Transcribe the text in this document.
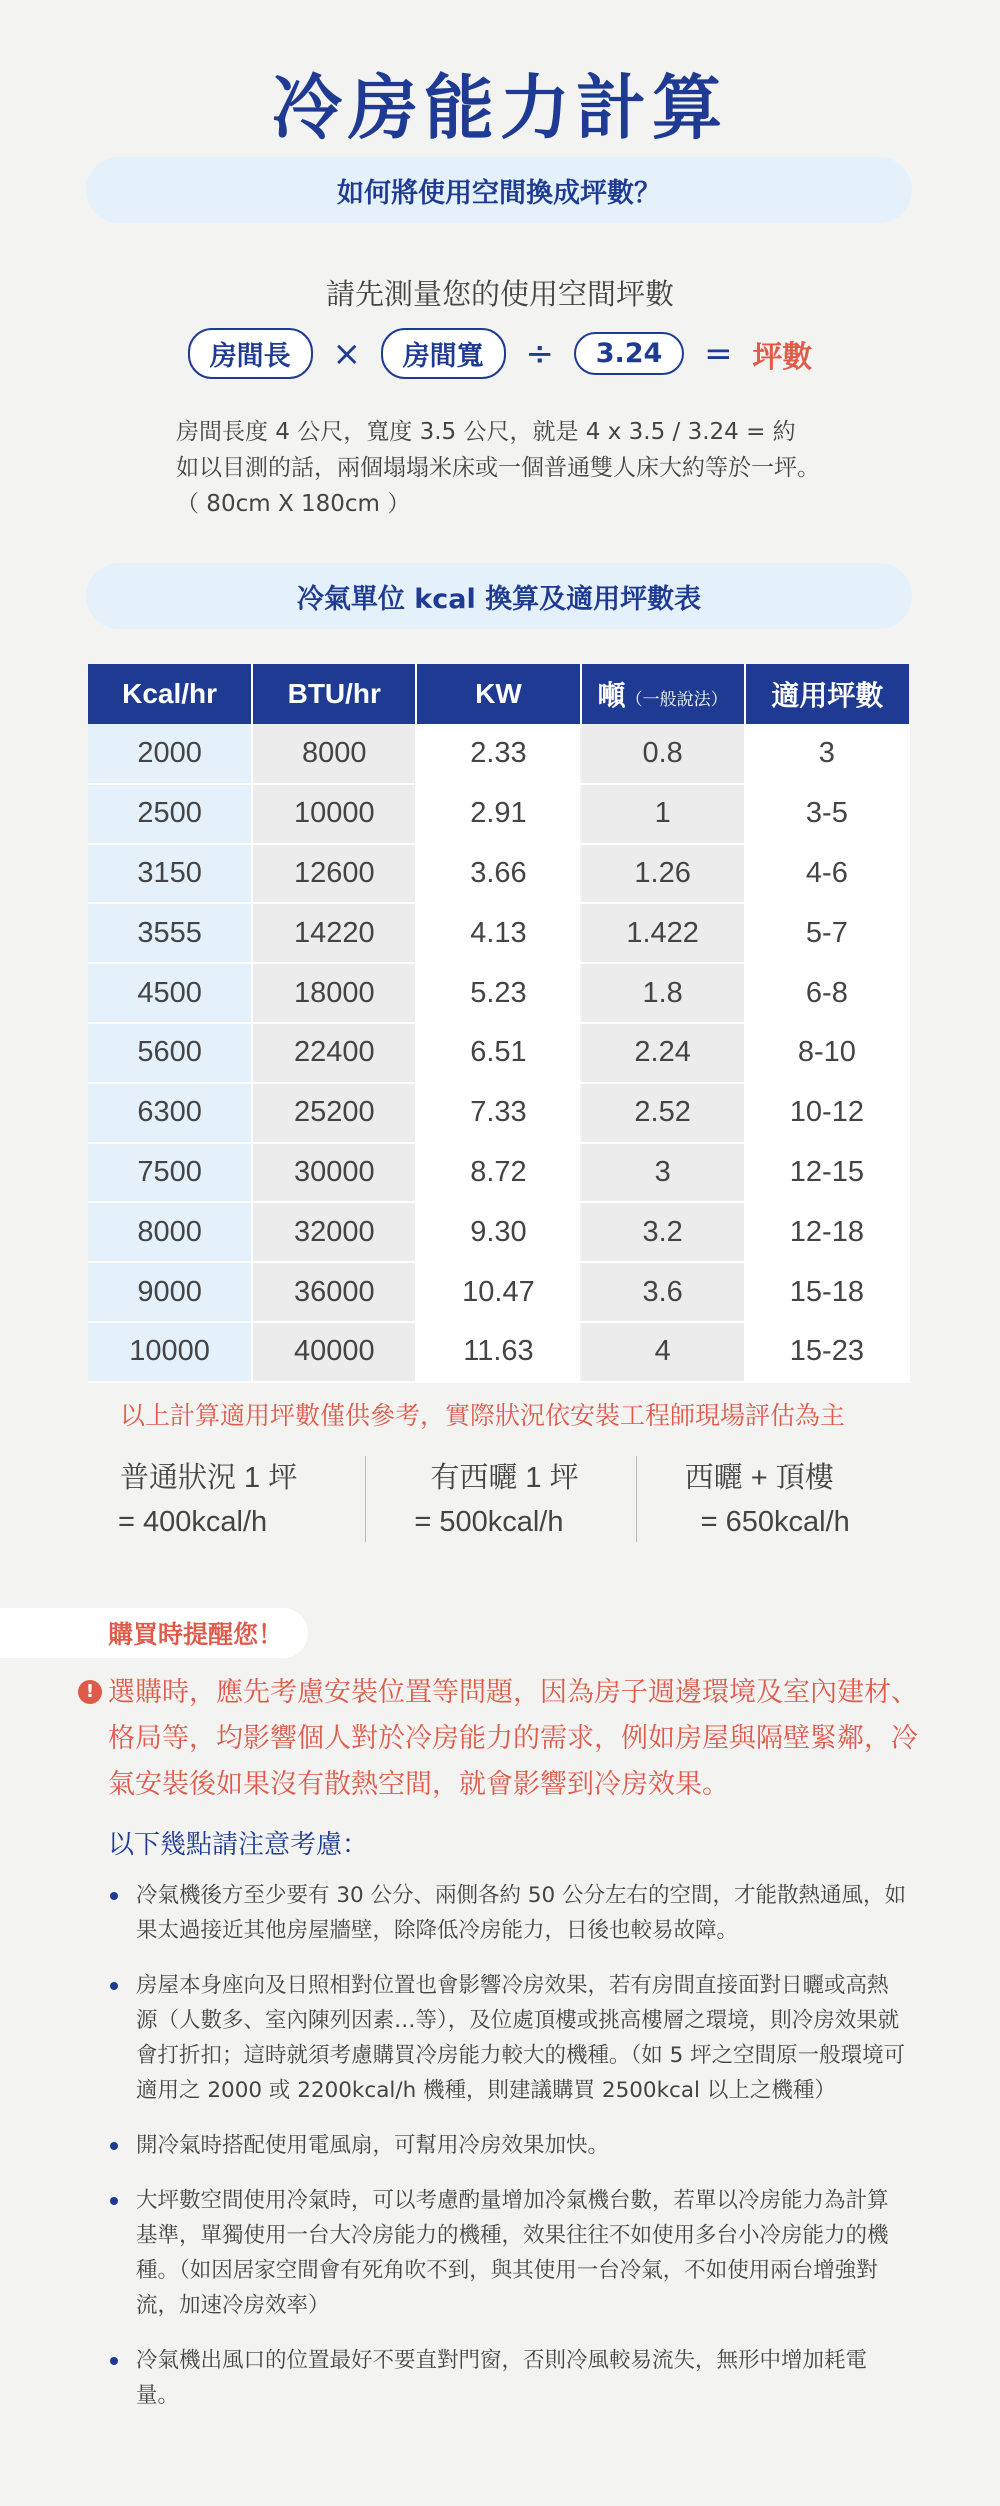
冷房能力計算
如何將使用空間換成坪數？
請先測量您的使用空間坪數
房間長	×	房間寬	÷	3.24	= 坪數
房間長度 4 公尺，寬度 3.5 公尺，就是 4 x 3.5 / 3.24 = 約
如以目測的話，兩個塌塌米床或一個普通雙人床大約等於一坪。
（ 80cm X 180cm ）
冷氣單位 kcal 換算及適用坪數表
Kcal/hr	BTU/hr	KW	噸（一般說法）	適用坪數
2000	8000	2.33	0.8	3
2500	10000	2.91	1	3-5
3150	12600	3.66	1.26	4-6
3555	14220	4.13	1.422	5-7
4500	18000	5.23	1.8	6-8
5600	22400	6.51	2.24	8-10
6300	25200	7.33	2.52	10-12
7500	30000	8.72	3	12-15
8000	32000	9.30	3.2	12-18
9000	36000	10.47	3.6	15-18
10000	40000	11.63	4	15-23
以上計算適用坪數僅供參考，實際狀況依安裝工程師現場評估為主
普通狀況 1 坪
= 400kcal/h
有西曬 1 坪
= 500kcal/h
西曬 + 頂樓
= 650kcal/h
購買時提醒您！
! 選購時，應先考慮安裝位置等問題，因為房子週邊環境及室內建材、格局等，均影響個人對於冷房能力的需求，例如房屋與隔壁緊鄰，冷氣安裝後如果沒有散熱空間，就會影響到冷房效果。
以下幾點請注意考慮：
冷氣機後方至少要有 30 公分、兩側各約 50 公分左右的空間，才能散熱通風，如果太過接近其他房屋牆壁，除降低冷房能力，日後也較易故障。
房屋本身座向及日照相對位置也會影響冷房效果，若有房間直接面對日曬或高熱源（人數多、室內陳列因素…等），及位處頂樓或挑高樓層之環境，則冷房效果就會打折扣；這時就須考慮購買冷房能力較大的機種。（如 5 坪之空間原一般環境可適用之 2000 或 2200kcal/h 機種，則建議購買 2500kcal 以上之機種）
開冷氣時搭配使用電風扇，可幫用冷房效果加快。
大坪數空間使用冷氣時，可以考慮酌量增加冷氣機台數，若單以冷房能力為計算基準，單獨使用一台大冷房能力的機種，效果往往不如使用多台小冷房能力的機種。（如因居家空間會有死角吹不到，與其使用一台冷氣，不如使用兩台增強對流，加速冷房效率）
冷氣機出風口的位置最好不要直對門窗，否則冷風較易流失，無形中增加耗電量。
